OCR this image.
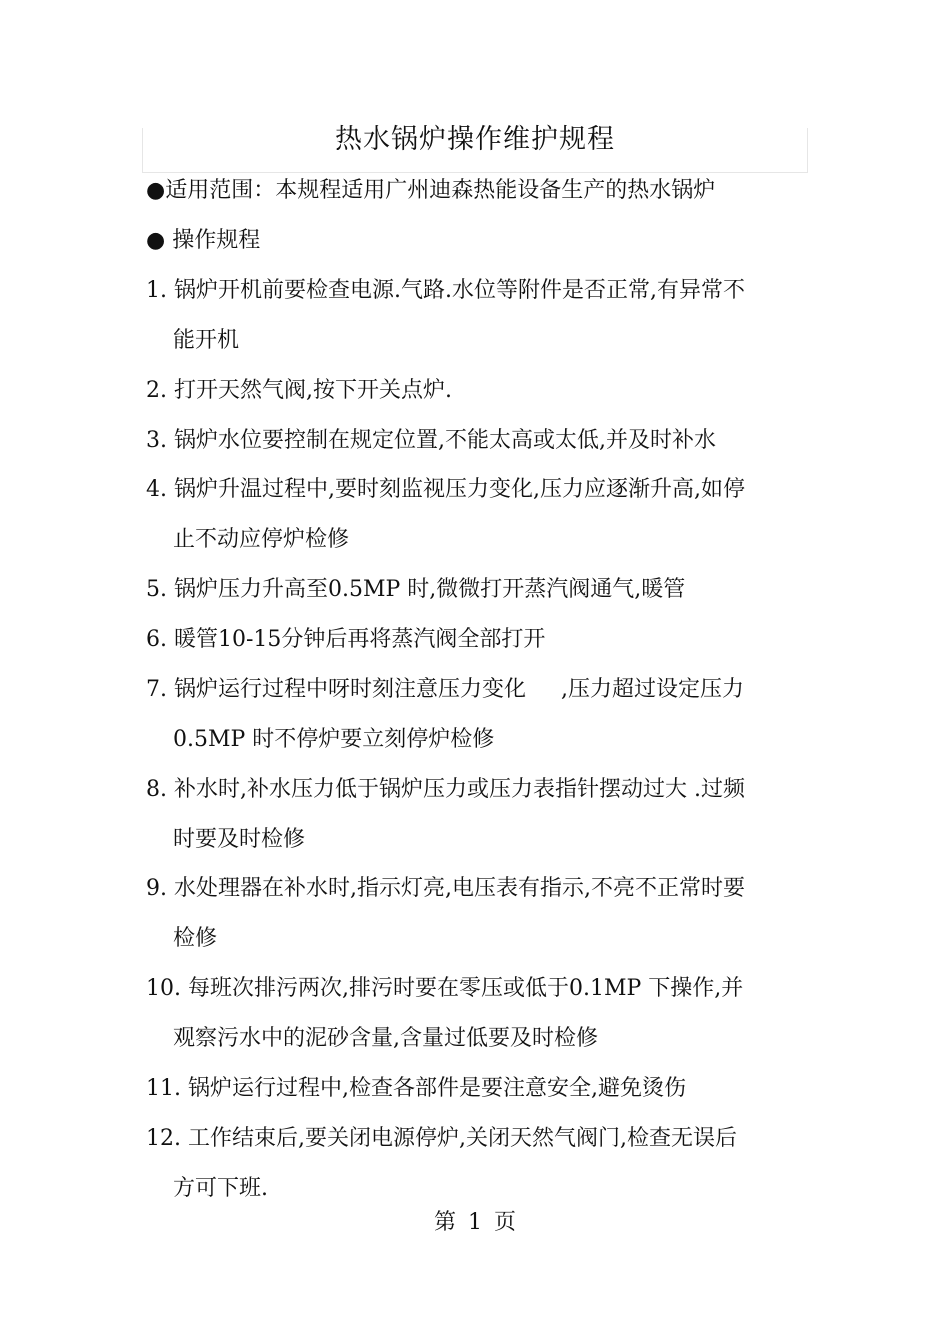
热水锅炉操作维护规程
●适用范围：本规程适用广州迪森热能设备生产的热水锅炉
● 操作规程
1. 锅炉开机前要检查电源.气路.水位等附件是否正常,有异常不
能开机
2. 打开天然气阀,按下开关点炉.
3. 锅炉水位要控制在规定位置,不能太高或太低,并及时补水
4. 锅炉升温过程中,要时刻监视压力变化,压力应逐渐升高,如停
止不动应停炉检修
5. 锅炉压力升高至0.5MP 时,微微打开蒸汽阀通气,暖管
6. 暖管10-15分钟后再将蒸汽阀全部打开
7. 锅炉运行过程中呀时刻注意压力变化     ,压力超过设定压力
0.5MP 时不停炉要立刻停炉检修
8. 补水时,补水压力低于锅炉压力或压力表指针摆动过大 .过频
时要及时检修
9. 水处理器在补水时,指示灯亮,电压表有指示,不亮不正常时要
检修
10. 每班次排污两次,排污时要在零压或低于0.1MP 下操作,并
观察污水中的泥砂含量,含量过低要及时检修
11. 锅炉运行过程中,检查各部件是要注意安全,避免烫伤
12. 工作结束后,要关闭电源停炉,关闭天然气阀门,检查无误后
方可下班.
第 1 页
